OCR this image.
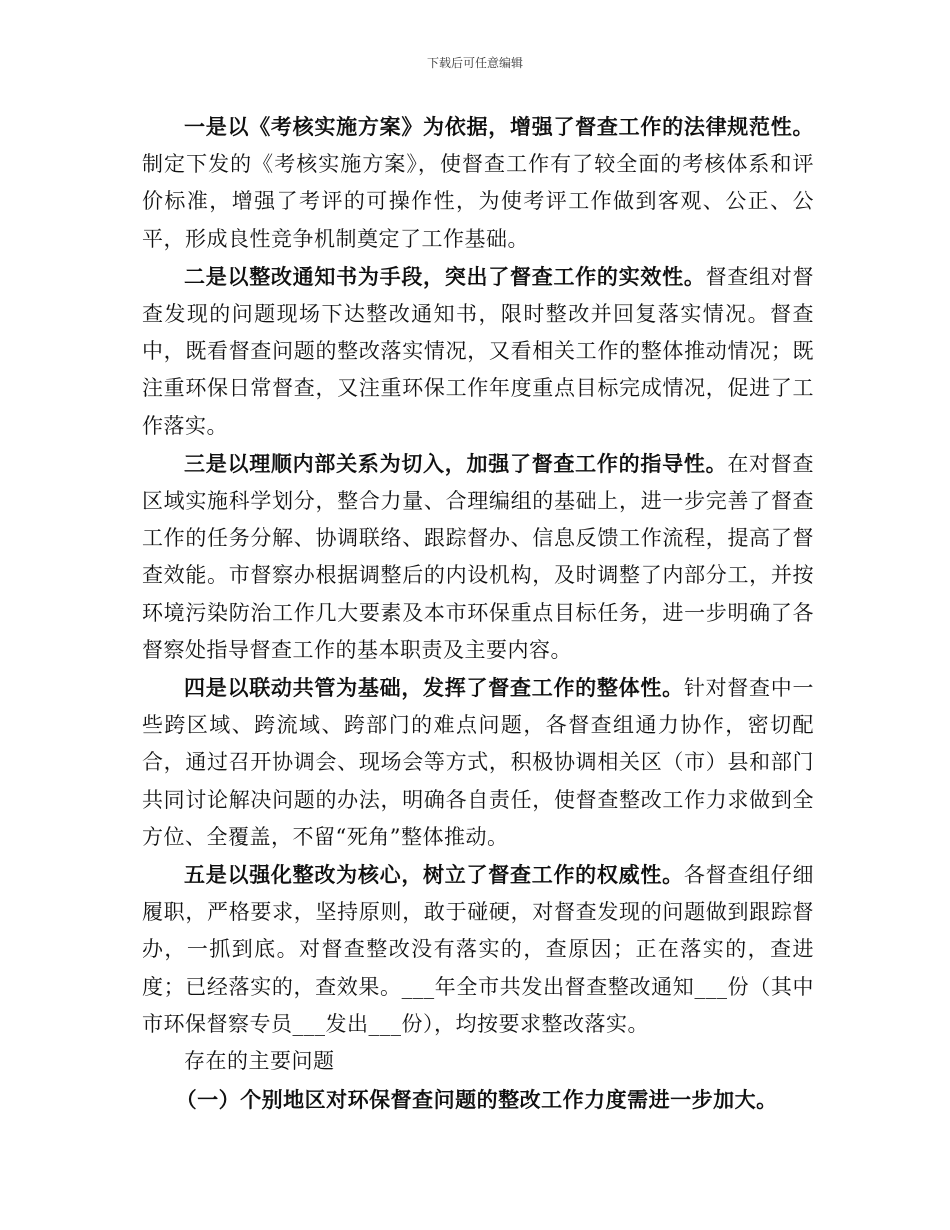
下载后可任意编辑

一是以《考核实施方案》为依据，增强了督查工作的法律规范性。制定下发的《考核实施方案》，使督查工作有了较全面的考核体系和评价标准，增强了考评的可操作性，为使考评工作做到客观、公正、公平，形成良性竞争机制奠定了工作基础。

二是以整改通知书为手段，突出了督查工作的实效性。督查组对督查发现的问题现场下达整改通知书，限时整改并回复落实情况。督查中，既看督查问题的整改落实情况，又看相关工作的整体推动情况；既注重环保日常督查，又注重环保工作年度重点目标完成情况，促进了工作落实。

三是以理顺内部关系为切入，加强了督查工作的指导性。在对督查区域实施科学划分，整合力量、合理编组的基础上，进一步完善了督查工作的任务分解、协调联络、跟踪督办、信息反馈工作流程，提高了督查效能。市督察办根据调整后的内设机构，及时调整了内部分工，并按环境污染防治工作几大要素及本市环保重点目标任务，进一步明确了各督察处指导督查工作的基本职责及主要内容。

四是以联动共管为基础，发挥了督查工作的整体性。针对督查中一些跨区域、跨流域、跨部门的难点问题，各督查组通力协作，密切配合，通过召开协调会、现场会等方式，积极协调相关区（市）县和部门共同讨论解决问题的办法，明确各自责任，使督查整改工作力求做到全方位、全覆盖，不留“死角”整体推动。

五是以强化整改为核心，树立了督查工作的权威性。各督查组仔细履职，严格要求，坚持原则，敢于碰硬，对督查发现的问题做到跟踪督办，一抓到底。对督查整改没有落实的，查原因；正在落实的，查进度；已经落实的，查效果。___年全市共发出督查整改通知___份（其中市环保督察专员___发出___份），均按要求整改落实。

存在的主要问题

（一）个别地区对环保督查问题的整改工作力度需进一步加大。
